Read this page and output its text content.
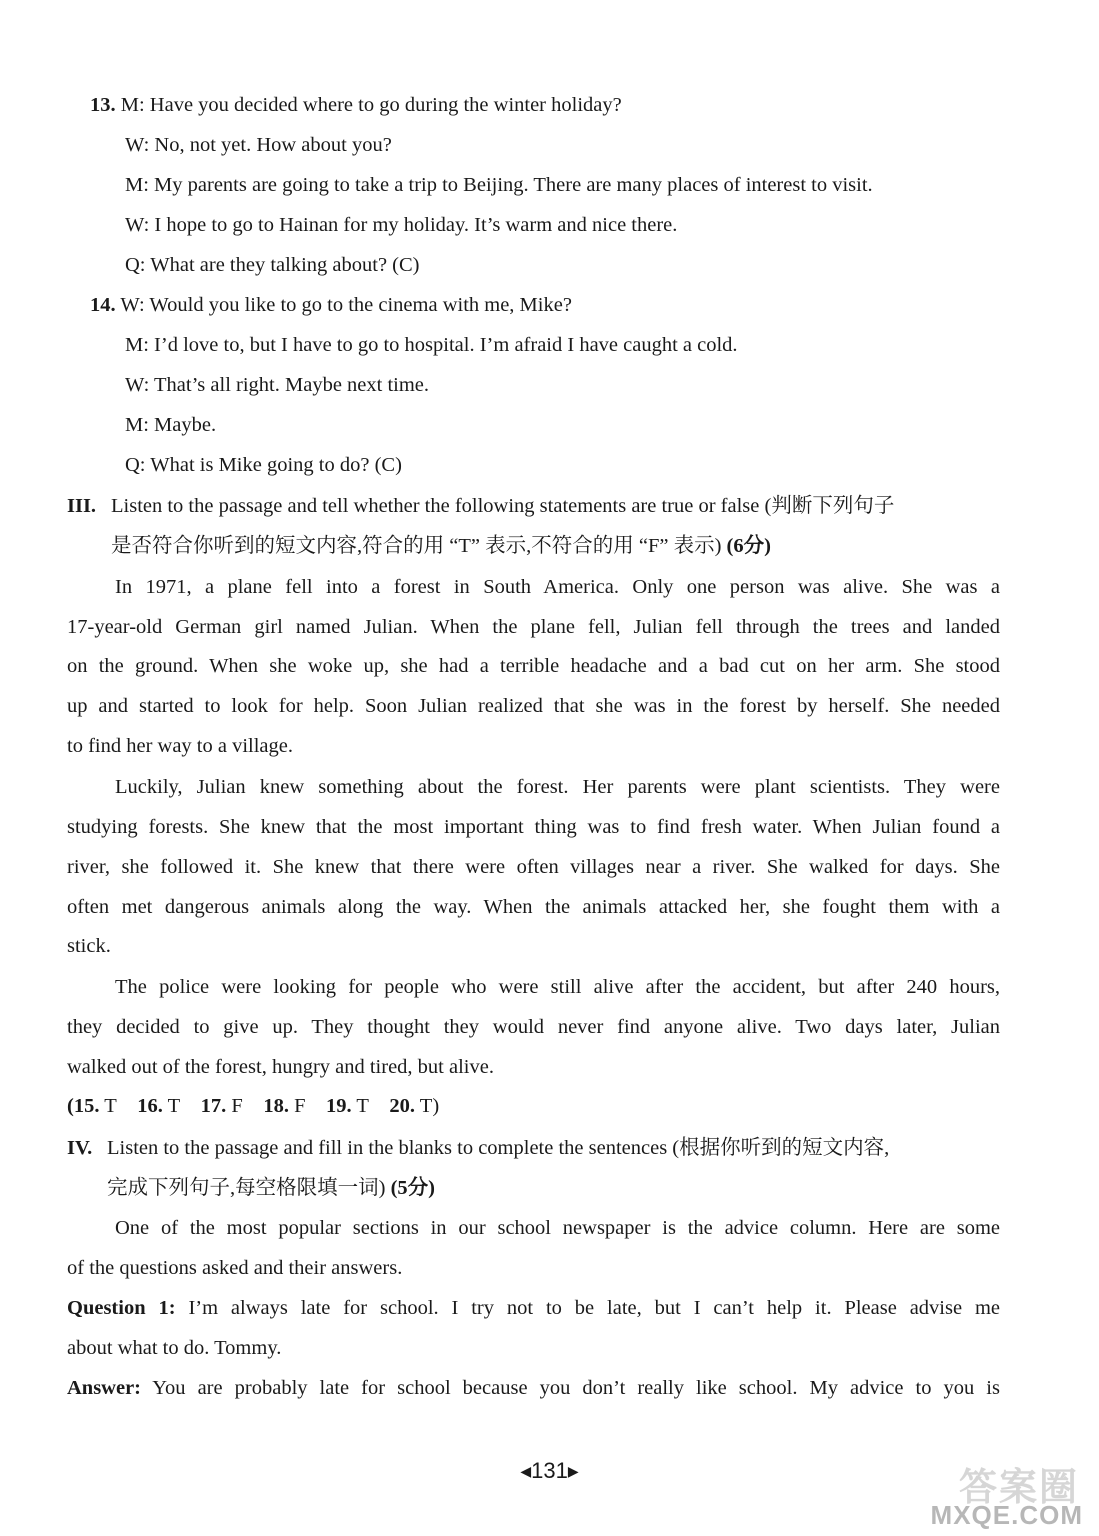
13. M: Have you decided where to go during the winter holiday?
W: No, not yet. How about you?
M: My parents are going to take a trip to Beijing. There are many places of interest to visit.
W: I hope to go to Hainan for my holiday. It’s warm and nice there.
Q: What are they talking about? (C)
14. W: Would you like to go to the cinema with me, Mike?
M: I’d love to, but I have to go to hospital. I’m afraid I have caught a cold.
W: That’s all right. Maybe next time.
M: Maybe.
Q: What is Mike going to do? (C)
III. Listen to the passage and tell whether the following statements are true or false (判断下列句子
是否符合你听到的短文内容,符合的用 “T” 表示,不符合的用 “F” 表示) (6分)
In 1971, a plane fell into a forest in South America. Only one person was alive. She was a
17-year-old German girl named Julian. When the plane fell, Julian fell through the trees and landed
on the ground. When she woke up, she had a terrible headache and a bad cut on her arm. She stood
up and started to look for help. Soon Julian realized that she was in the forest by herself. She needed
to find her way to a village.
Luckily, Julian knew something about the forest. Her parents were plant scientists. They were
studying forests. She knew that the most important thing was to find fresh water. When Julian found a
river, she followed it. She knew that there were often villages near a river. She walked for days. She
often met dangerous animals along the way. When the animals attacked her, she fought them with a
stick.
The police were looking for people who were still alive after the accident, but after 240 hours,
they decided to give up. They thought they would never find anyone alive. Two days later, Julian
walked out of the forest, hungry and tired, but alive.
(15. T 16. T 17. F 18. F 19. T 20. T)
IV. Listen to the passage and fill in the blanks to complete the sentences (根据你听到的短文内容,
完成下列句子,每空格限填一词) (5分)
One of the most popular sections in our school newspaper is the advice column. Here are some
of the questions asked and their answers.
Question 1: I’m always late for school. I try not to be late, but I can’t help it. Please advise me
about what to do. Tommy.
Answer: You are probably late for school because you don’t really like school. My advice to you is
◀131▶	答案圈
MXQE.COM
